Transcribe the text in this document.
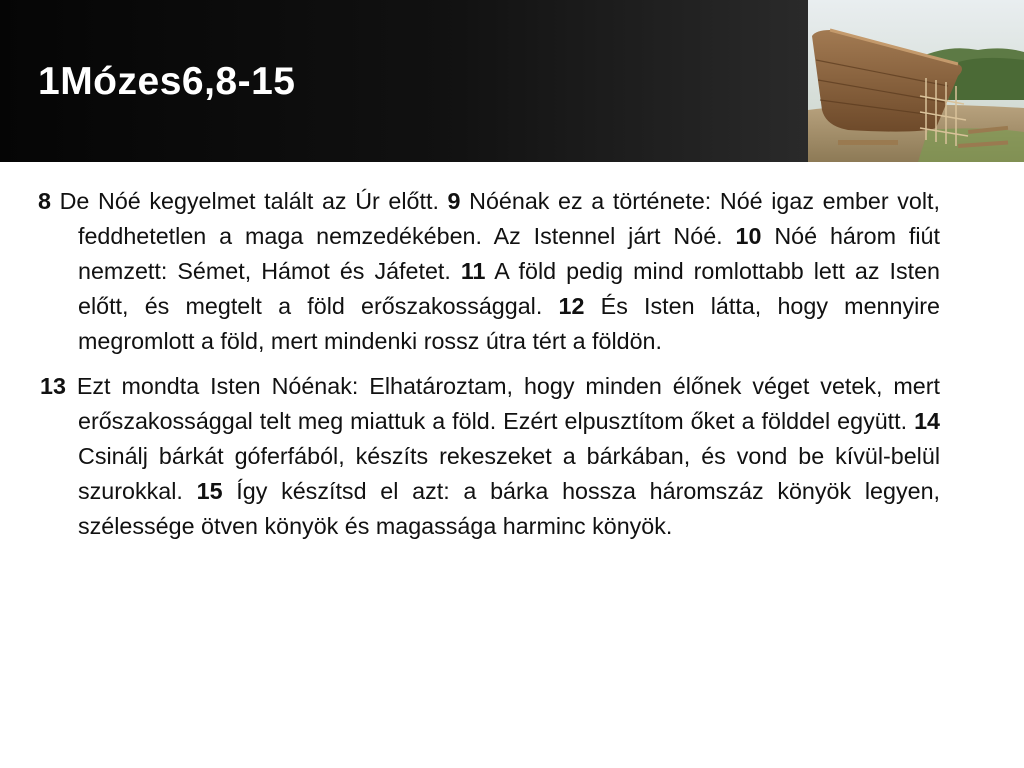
1Mózes6,8-15

8 De Nóé kegyelmet talált az Úr előtt. 9 Nóénak ez a története: Nóé igaz ember volt, feddhetetlen a maga nemzedékében. Az Istennel járt Nóé. 10 Nóé három fiút nemzett: Sémet, Hámot és Jáfetet. 11 A föld pedig mind romlottabb lett az Isten előtt, és megtelt a föld erőszakossággal. 12 És Isten látta, hogy mennyire megromlott a föld, mert mindenki rossz útra tért a földön.

13 Ezt mondta Isten Nóénak: Elhatároztam, hogy minden élőnek véget vetek, mert erőszakossággal telt meg miattuk a föld. Ezért elpusztítom őket a földdel együtt. 14 Csinálj bárkát góferfából, készíts rekeszeket a bárkában, és vond be kívül-belül szurokkal. 15 Így készítsd el azt: a bárka hossza háromszáz könyök legyen, szélessége ötven könyök és magassága harminc könyök.
